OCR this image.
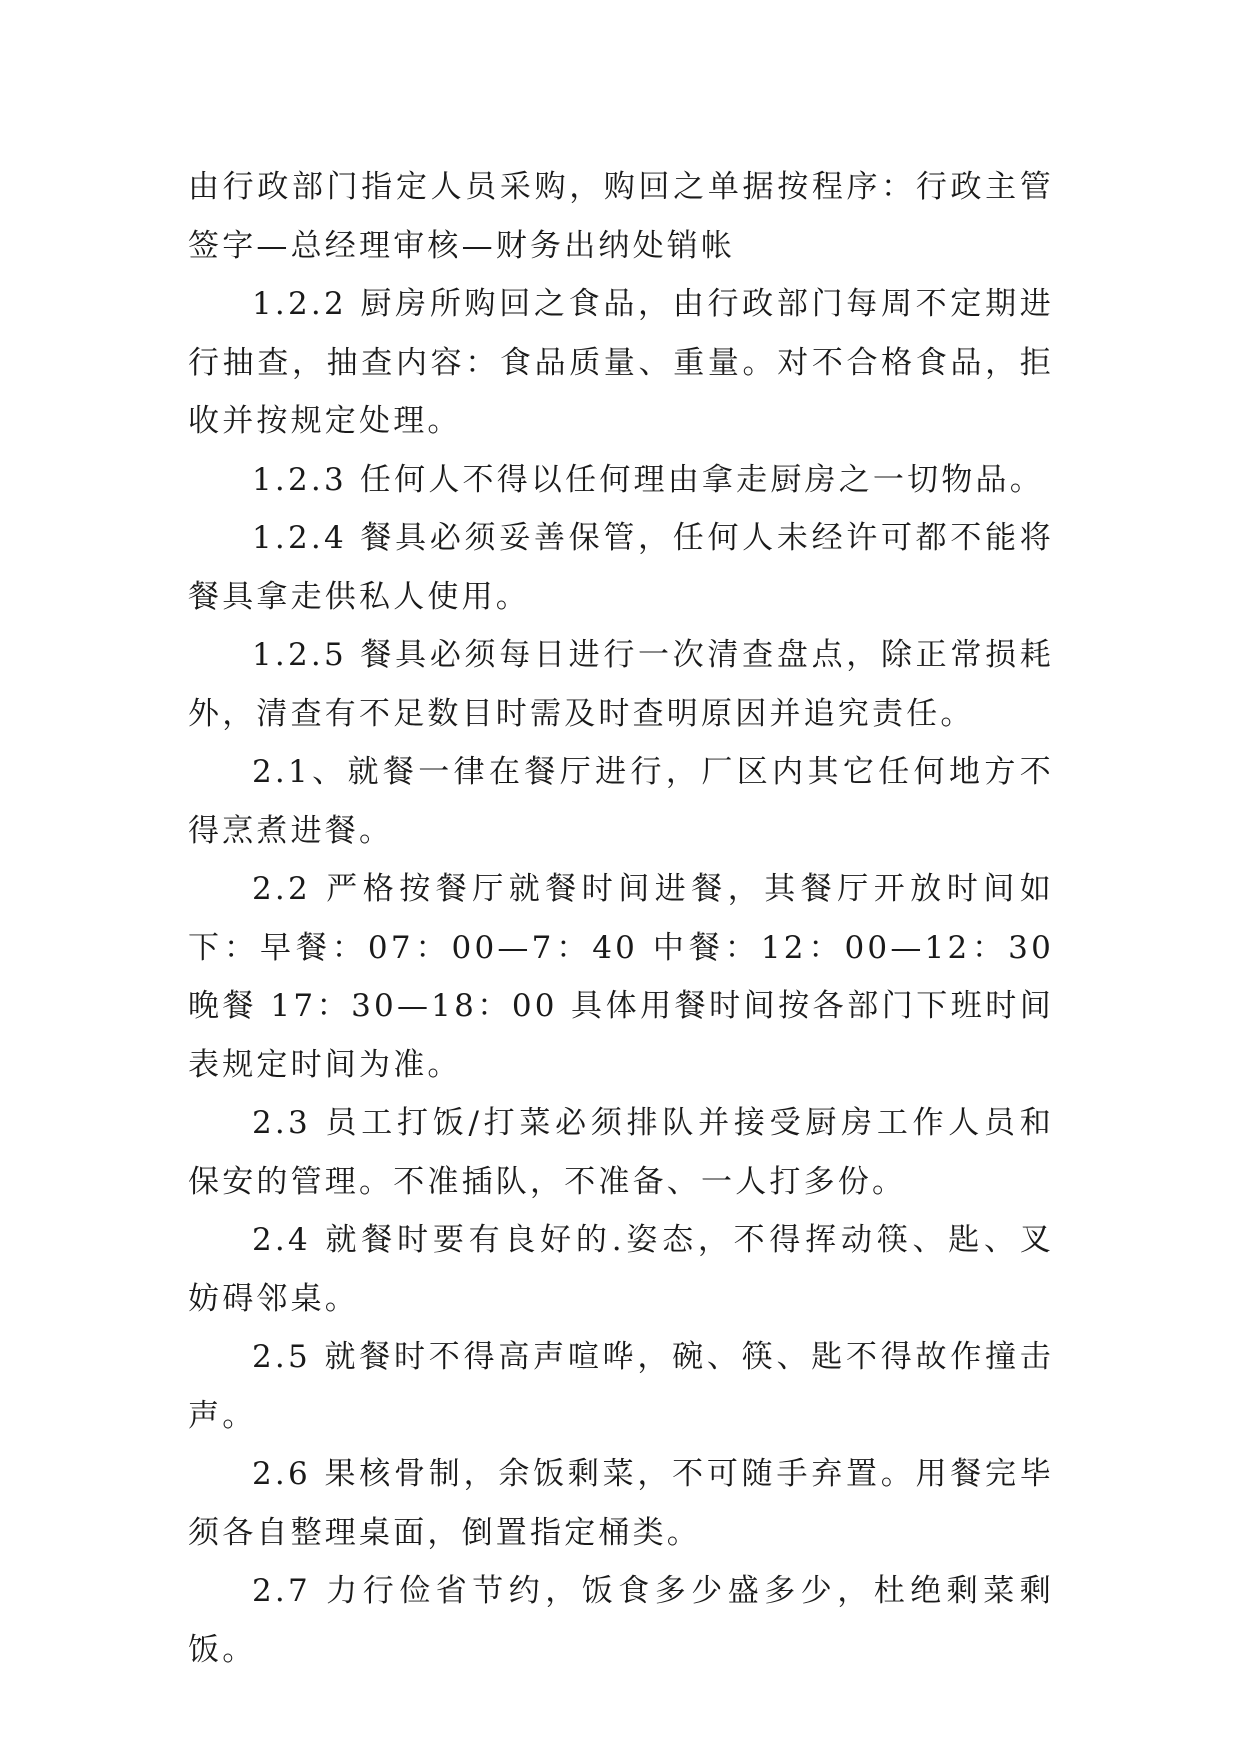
由行政部门指定人员采购，购回之单据按程序：行政主管签字—总经理审核—财务出纳处销帐

1.2.2 厨房所购回之食品，由行政部门每周不定期进行抽查，抽查内容：食品质量、重量。对不合格食品，拒收并按规定处理。

1.2.3 任何人不得以任何理由拿走厨房之一切物品。

1.2.4 餐具必须妥善保管，任何人未经许可都不能将餐具拿走供私人使用。

1.2.5 餐具必须每日进行一次清查盘点，除正常损耗外，清查有不足数目时需及时查明原因并追究责任。

2.1、就餐一律在餐厅进行，厂区内其它任何地方不得烹煮进餐。

2.2 严格按餐厅就餐时间进餐，其餐厅开放时间如下：早餐：07：00—7：40 中餐：12：00—12：30 晚餐 17：30—18：00 具体用餐时间按各部门下班时间表规定时间为准。

2.3 员工打饭/打菜必须排队并接受厨房工作人员和保安的管理。不准插队，不准备、一人打多份。

2.4 就餐时要有良好的.姿态，不得挥动筷、匙、叉妨碍邻桌。

2.5 就餐时不得高声喧哗，碗、筷、匙不得故作撞击声。

2.6 果核骨制，余饭剩菜，不可随手弃置。用餐完毕须各自整理桌面，倒置指定桶类。

2.7 力行俭省节约，饭食多少盛多少，杜绝剩菜剩饭。
